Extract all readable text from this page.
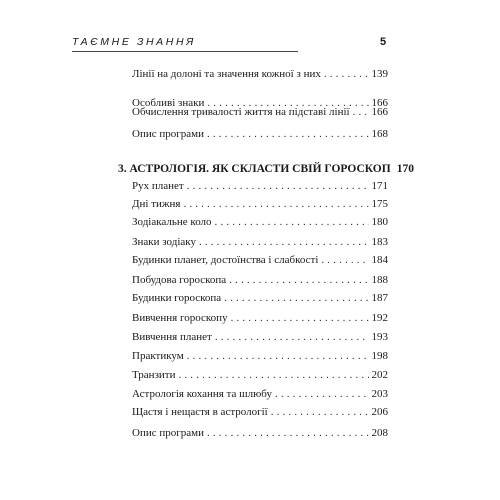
ТАЄМНЕ ЗНАННЯ	5
Лінії на долоні та значення кожної з них . . .	139
Особливі знаки . . .	166
Обчислення тривалості життя на підставі лінії . . . 166
Опис програми . . .	168
3. АСТРОЛОГІЯ. ЯК СКЛАСТИ СВІЙ ГОРОСКОП 170
Рух планет . . .	171
Дні тижня . . .	175
Зодіакальне коло . . .	180
Знаки зодіаку . . .	183
Будинки планет, достоїнства і слабкості . . .	184
Побудова гороскопа . . .	188
Будинки гороскопа . . .	187
Вивчення гороскопу . . .	192
Вивчення планет . . .	193
Практикум . . .	198
Транзити . . .	202
Астрологія кохання та шлюбу . . .	203
Щастя і нещастя в астрології . . .	206
Опис програми . . .	208
